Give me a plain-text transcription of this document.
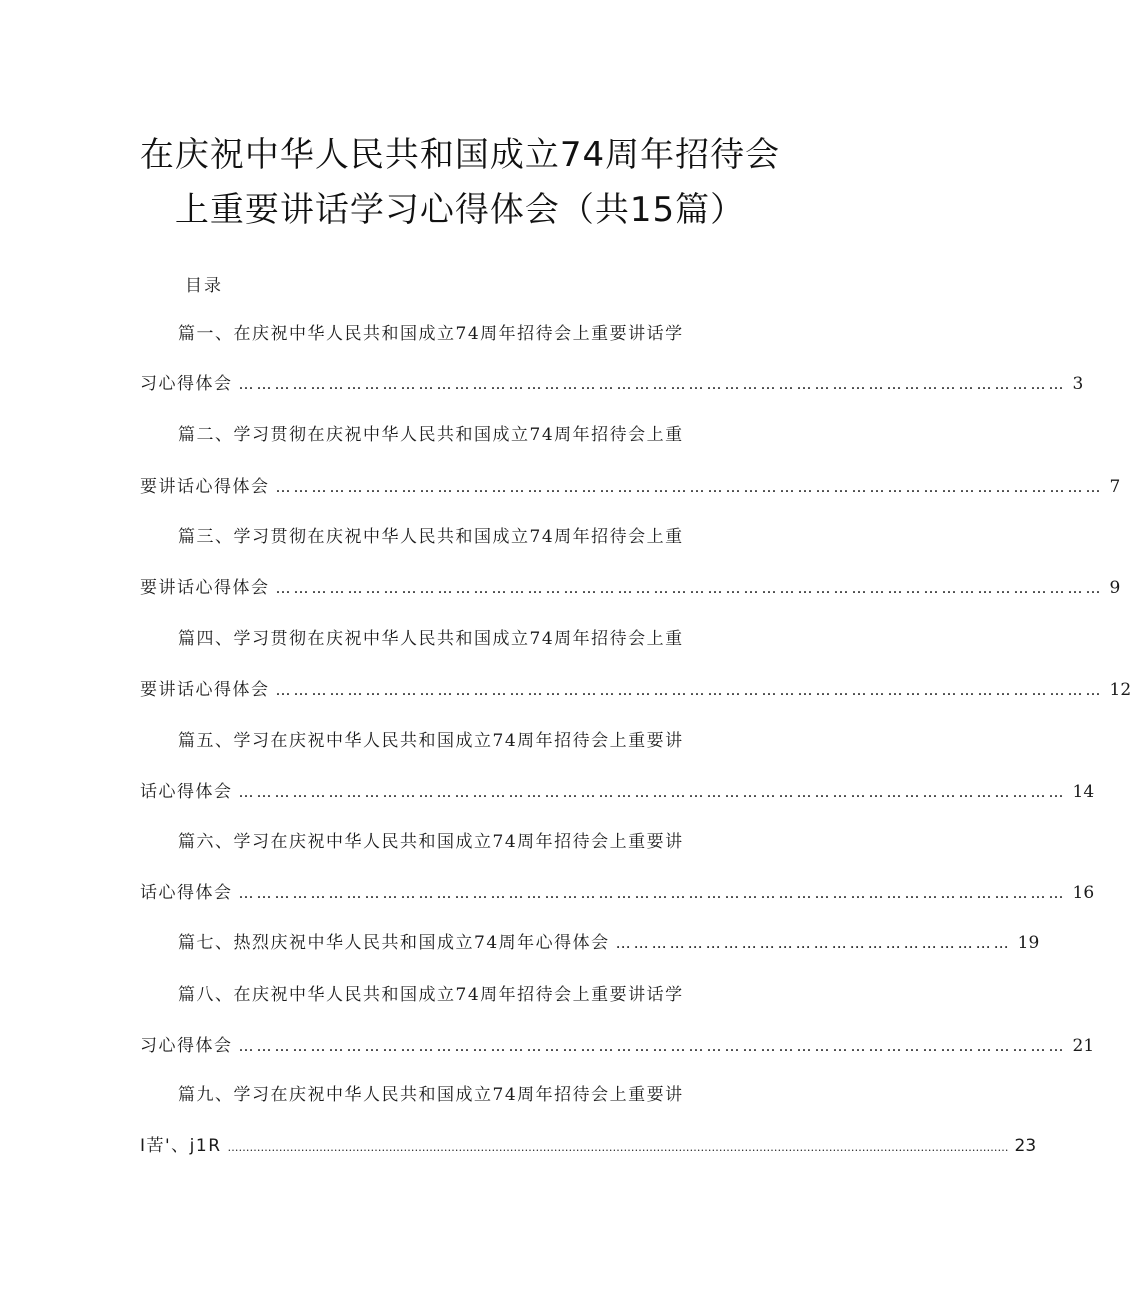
在庆祝中华人民共和国成立74周年招待会
上重要讲话学习心得体会（共15篇）
目录
篇一、在庆祝中华人民共和国成立74周年招待会上重要讲话学
习心得体会 ………………………………………………………………………………………………………………………… 3
篇二、学习贯彻在庆祝中华人民共和国成立74周年招待会上重
要讲话心得体会 ………………………………………………………………………………………………………………………… 7
篇三、学习贯彻在庆祝中华人民共和国成立74周年招待会上重
要讲话心得体会 ………………………………………………………………………………………………………………………… 9
篇四、学习贯彻在庆祝中华人民共和国成立74周年招待会上重
要讲话心得体会 ………………………………………………………………………………………………………………………… 12
篇五、学习在庆祝中华人民共和国成立74周年招待会上重要讲
话心得体会 ………………………………………………………………………………………………………………………… 14
篇六、学习在庆祝中华人民共和国成立74周年招待会上重要讲
话心得体会 ………………………………………………………………………………………………………………………… 16
篇七、热烈庆祝中华人民共和国成立74周年心得体会 ………………………………………………………… 19
篇八、在庆祝中华人民共和国成立74周年招待会上重要讲话学
习心得体会 ………………………………………………………………………………………………………………………… 21
篇九、学习在庆祝中华人民共和国成立74周年招待会上重要讲
I苦'、j1R …………………………………………………………………………………………………………………………………………………………………………………………… 23
